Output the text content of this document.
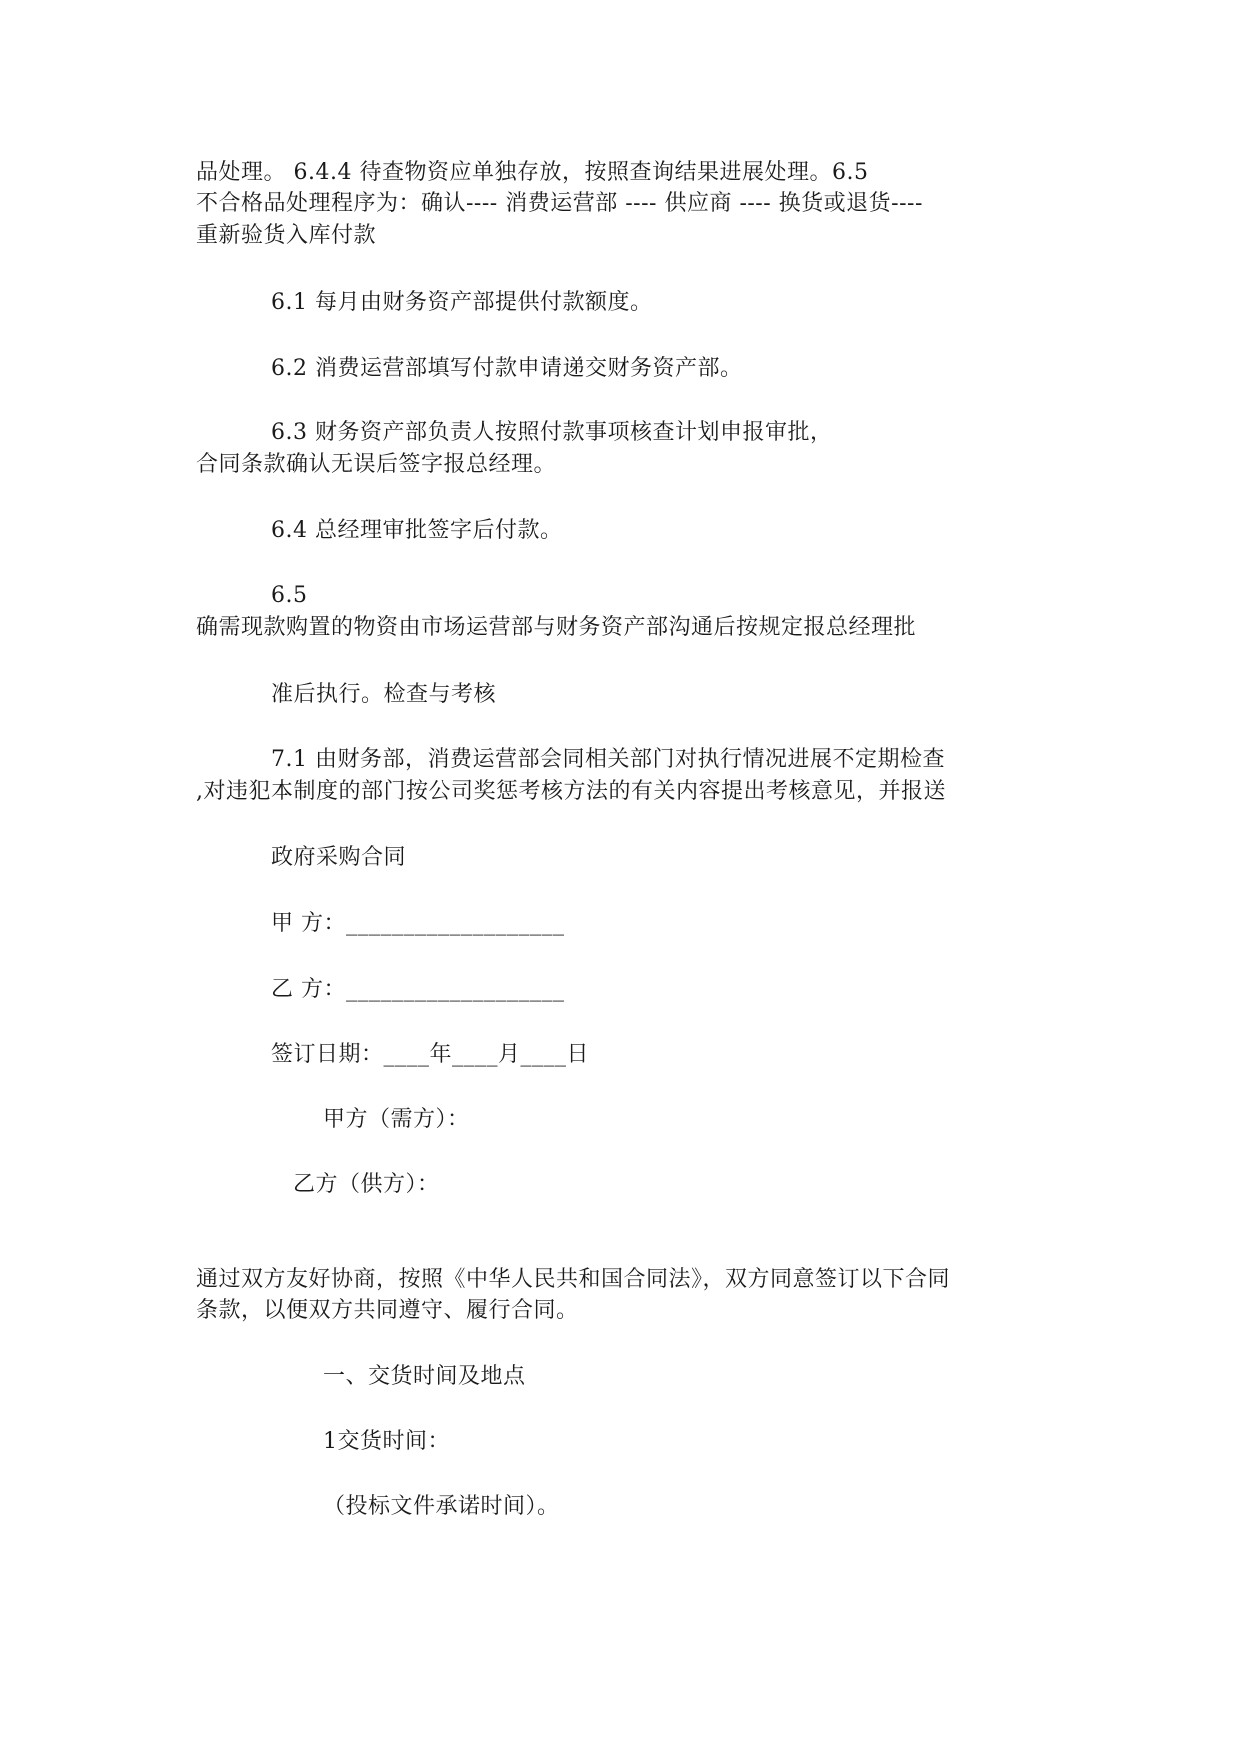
品处理。 6.4.4 待查物资应单独存放，按照查询结果进展处理。6.5
不合格品处理程序为：确认---- 消费运营部 ---- 供应商 ---- 换货或退货----
重新验货入库付款
6.1 每月由财务资产部提供付款额度。
6.2 消费运营部填写付款申请递交财务资产部。
6.3 财务资产部负责人按照付款事项核查计划申报审批，
合同条款确认无误后签字报总经理。
6.4 总经理审批签字后付款。
6.5
确需现款购置的物资由市场运营部与财务资产部沟通后按规定报总经理批
准后执行。检查与考核
7.1 由财务部，消费运营部会同相关部门对执行情况进展不定期检查
,对违犯本制度的部门按公司奖惩考核方法的有关内容提出考核意见，并报送
政府采购合同
甲 方：___________________
乙 方：___________________
签订日期：____年____月____日
甲方（需方）：
乙方（供方）：
通过双方友好协商，按照《中华人民共和国合同法》，双方同意签订以下合同
条款，以便双方共同遵守、履行合同。
一、交货时间及地点
1交货时间：
（投标文件承诺时间）。
